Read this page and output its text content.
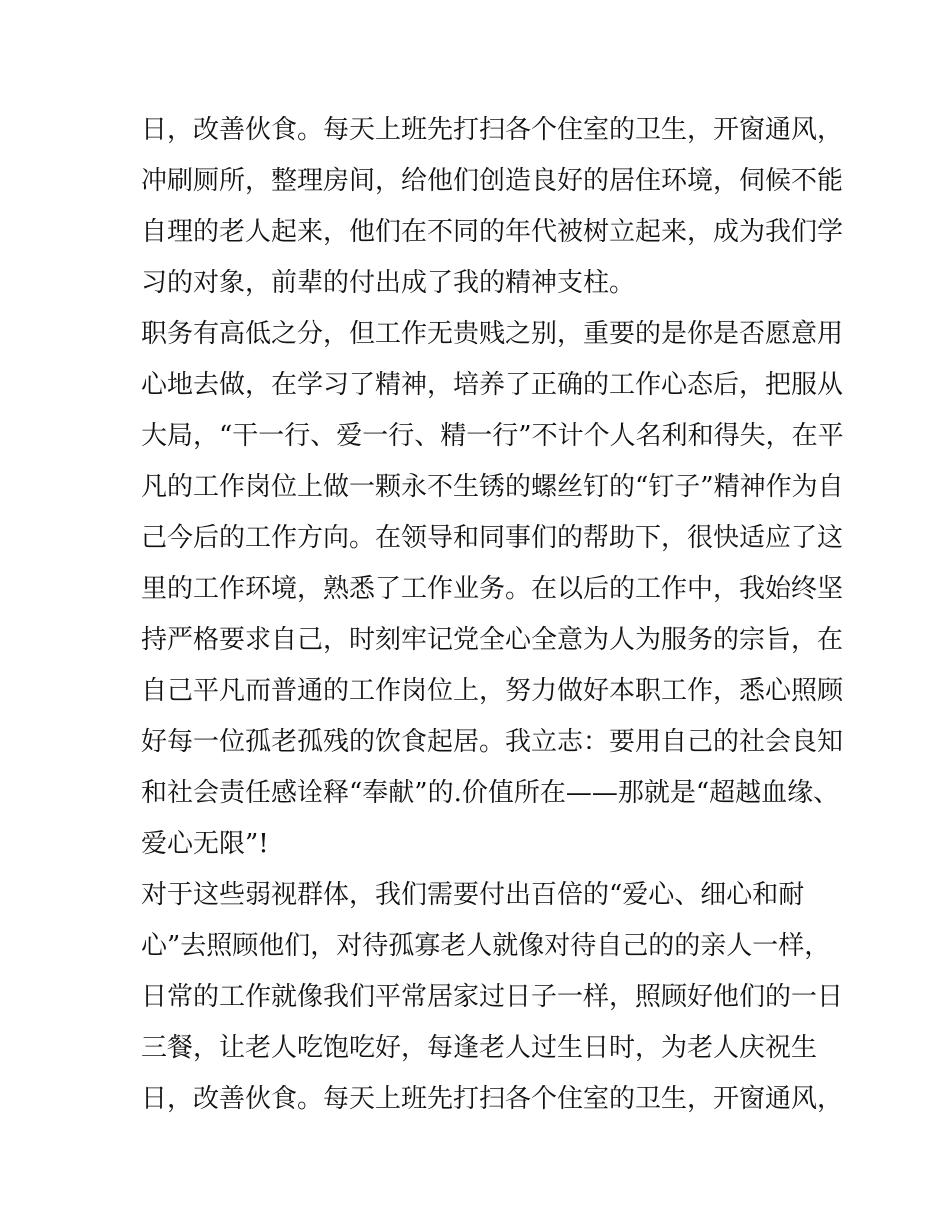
日，改善伙食。每天上班先打扫各个住室的卫生，开窗通风，
冲刷厕所，整理房间，给他们创造良好的居住环境，伺候不能
自理的老人起来，他们在不同的年代被树立起来，成为我们学
习的对象，前辈的付出成了我的精神支柱。
职务有高低之分，但工作无贵贱之别，重要的是你是否愿意用
心地去做，在学习了精神，培养了正确的工作心态后，把服从
大局，“干一行、爱一行、精一行”不计个人名利和得失，在平
凡的工作岗位上做一颗永不生锈的螺丝钉的“钉子”精神作为自
己今后的工作方向。在领导和同事们的帮助下，很快适应了这
里的工作环境，熟悉了工作业务。在以后的工作中，我始终坚
持严格要求自己，时刻牢记党全心全意为人为服务的宗旨，在
自己平凡而普通的工作岗位上，努力做好本职工作，悉心照顾
好每一位孤老孤残的饮食起居。我立志：要用自己的社会良知
和社会责任感诠释“奉献”的.价值所在——那就是“超越血缘、
爱心无限”!
对于这些弱视群体，我们需要付出百倍的“爱心、细心和耐
心”去照顾他们，对待孤寡老人就像对待自己的的亲人一样，
日常的工作就像我们平常居家过日子一样，照顾好他们的一日
三餐，让老人吃饱吃好，每逢老人过生日时，为老人庆祝生
日，改善伙食。每天上班先打扫各个住室的卫生，开窗通风，
